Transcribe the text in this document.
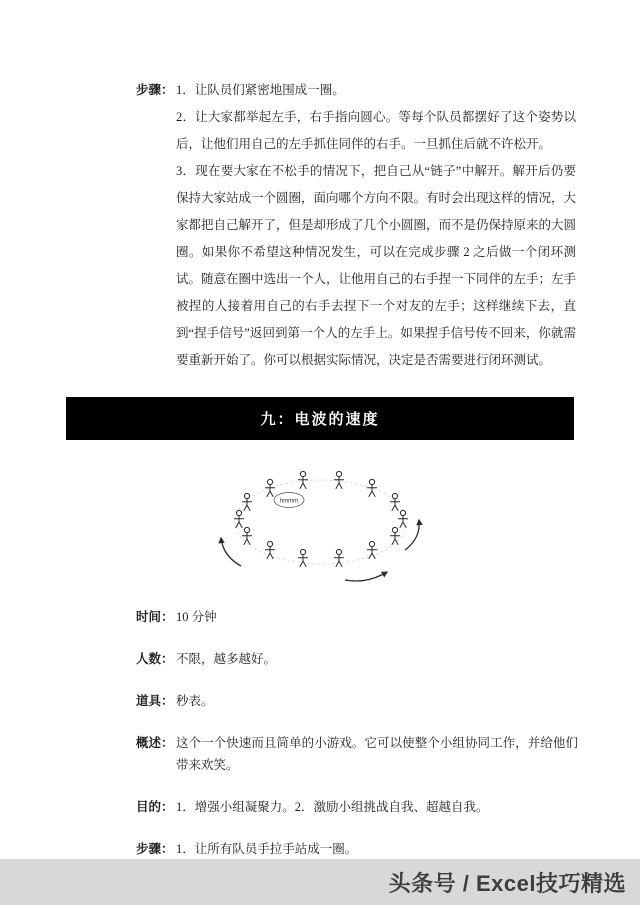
步骤： 1．让队员们紧密地围成一圈。

2．让大家都举起左手，右手指向圆心。等每个队员都摆好了这个姿势以后，让他们用自己的左手抓住同伴的右手。一旦抓住后就不许松开。

3．现在要大家在不松手的情况下，把自己从“链子”中解开。解开后仍要保持大家站成一个圆圈，面向哪个方向不限。有时会出现这样的情况，大家都把自己解开了，但是却形成了几个小圆圈，而不是仍保持原来的大圆圈。如果你不希望这种情况发生，可以在完成步骤 2 之后做一个闭环测试。随意在圈中选出一个人，让他用自己的右手捏一下同伴的左手；左手被捏的人接着用自己的右手去捏下一个对友的左手；这样继续下去，直到“捏手信号”返回到第一个人的左手上。如果捏手信号传不回来，你就需要重新开始了。你可以根据实际情况，决定是否需要进行闭环测试。

九：电波的速度
hmmm
时间： 10 分钟
人数： 不限，越多越好。
道具： 秒表。
概述： 这个一个快速而且简单的小游戏。它可以使整个小组协同工作，并给他们带来欢笑。
目的： 1．增强小组凝聚力。2．激励小组挑战自我、超越自我。
步骤： 1．让所有队员手拉手站成一圈。
头条号 / Excel技巧精选
